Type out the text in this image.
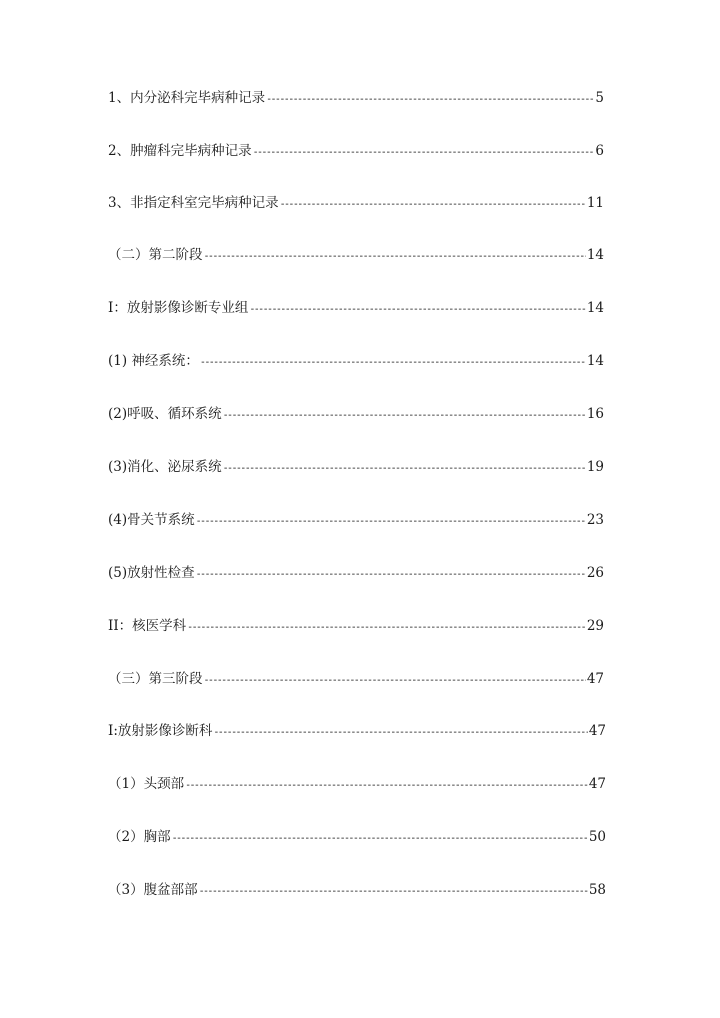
1、内分泌科完毕病种记录 -----	5
2、肿瘤科完毕病种记录 -----	6
3、非指定科室完毕病种记录 -----	11
（二）第二阶段 -----	14
I：放射影像诊断专业组 -----	14
(1) 神经系统： -----	14
(2)呼吸、循环系统 -----	16
(3)消化、泌尿系统 -----	19
(4)骨关节系统 -----	23
(5)放射性检查 -----	26
II：核医学科 -----	29
（三）第三阶段 -----	47
I:放射影像诊断科 -----	47
（1）头颈部 -----	47
（2）胸部 -----	50
（3）腹盆部部 -----	58
